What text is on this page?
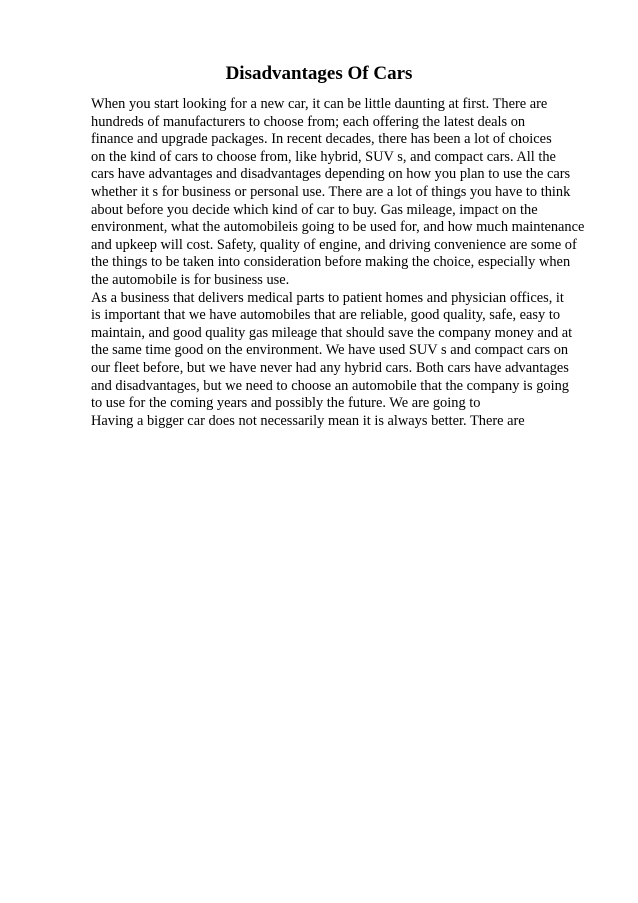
Disadvantages Of Cars
When you start looking for a new car, it can be little daunting at first. There are
hundreds of manufacturers to choose from; each offering the latest deals on
finance and upgrade packages. In recent decades, there has been a lot of choices
on the kind of cars to choose from, like hybrid, SUV s, and compact cars. All the
cars have advantages and disadvantages depending on how you plan to use the cars
whether it s for business or personal use. There are a lot of things you have to think
about before you decide which kind of car to buy. Gas mileage, impact on the
environment, what the automobileis going to be used for, and how much maintenance
and upkeep will cost. Safety, quality of engine, and driving convenience are some of
the things to be taken into consideration before making the choice, especially when
the automobile is for business use.
As a business that delivers medical parts to patient homes and physician offices, it
is important that we have automobiles that are reliable, good quality, safe, easy to
maintain, and good quality gas mileage that should save the company money and at
the same time good on the environment. We have used SUV s and compact cars on
our fleet before, but we have never had any hybrid cars. Both cars have advantages
and disadvantages, but we need to choose an automobile that the company is going
to use for the coming years and possibly the future. We are going to
Having a bigger car does not necessarily mean it is always better. There are
